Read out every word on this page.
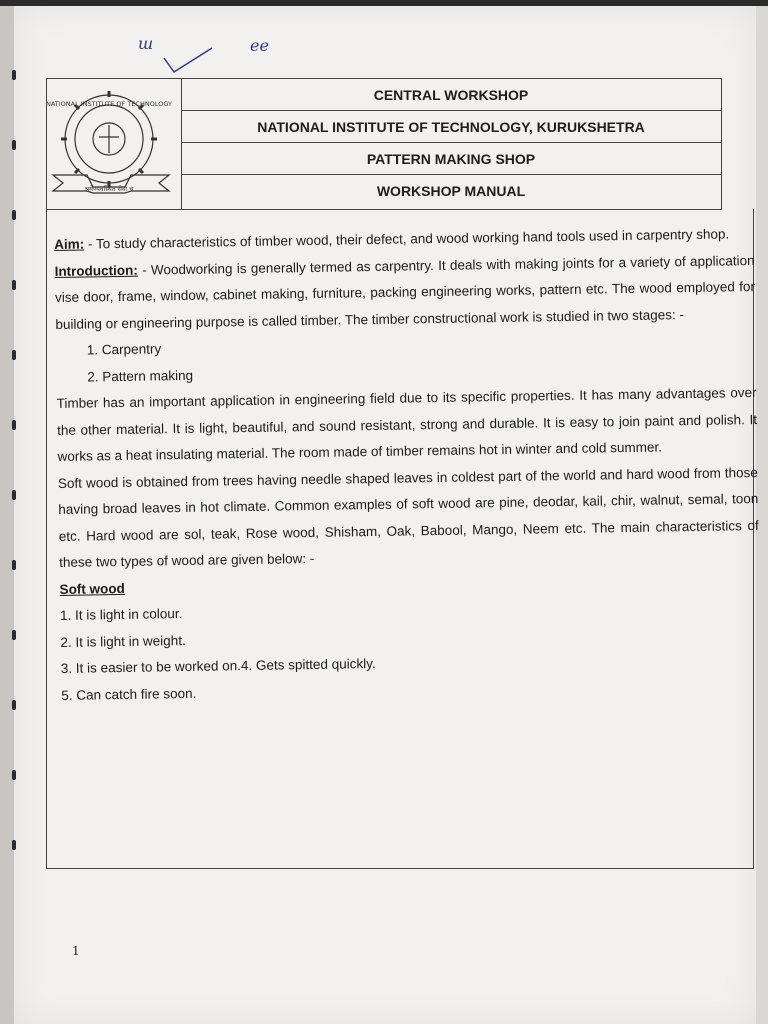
ш	ee
NATIONAL INSTITUTE OF TECHNOLOGY
श्रमेण्यवस्थित सेवा च
CENTRAL WORKSHOP
NATIONAL INSTITUTE OF TECHNOLOGY, KURUKSHETRA
PATTERN MAKING SHOP
WORKSHOP MANUAL

Aim: - To study characteristics of timber wood, their defect, and wood working hand tools used in carpentry shop.

Introduction: - Woodworking is generally termed as carpentry. It deals with making joints for a variety of application vise door, frame, window, cabinet making, furniture, packing engineering works, pattern etc. The wood employed for building or engineering purpose is called timber. The timber constructional work is studied in two stages: -

1. Carpentry
2. Pattern making

Timber has an important application in engineering field due to its specific properties. It has many advantages over the other material. It is light, beautiful, and sound resistant, strong and durable. It is easy to join paint and polish. It works as a heat insulating material. The room made of timber remains hot in winter and cold summer.

Soft wood is obtained from trees having needle shaped leaves in coldest part of the world and hard wood from those having broad leaves in hot climate. Common examples of soft wood are pine, deodar, kail, chir, walnut, semal, toon etc. Hard wood are sol, teak, Rose wood, Shisham, Oak, Babool, Mango, Neem etc. The main characteristics of these two types of wood are given below: -

Soft wood

1. It is light in colour.

2. It is light in weight.

3. It is easier to be worked on.4. Gets spitted quickly.

5. Can catch fire soon.

1
